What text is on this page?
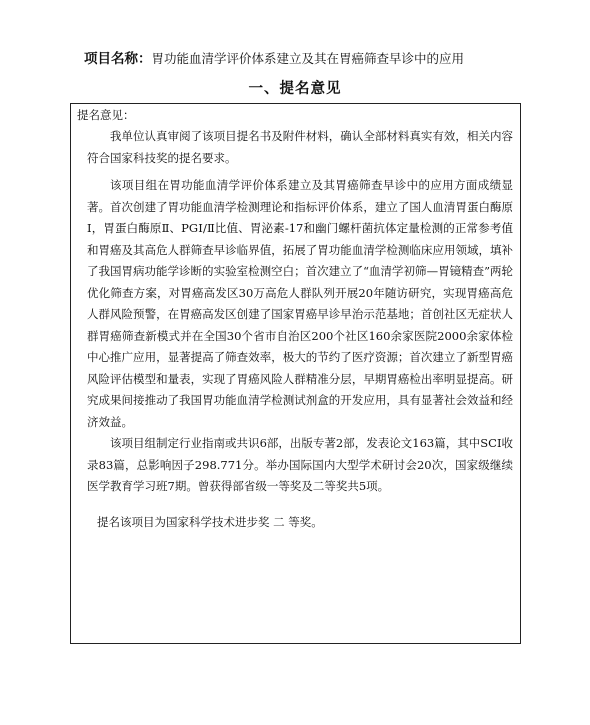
项目名称：胃功能血清学评价体系建立及其在胃癌筛查早诊中的应用
一、提名意见
提名意见：

我单位认真审阅了该项目提名书及附件材料，确认全部材料真实有效，相关内容符合国家科技奖的提名要求。

该项目组在胃功能血清学评价体系建立及其胃癌筛查早诊中的应用方面成绩显著。首次创建了胃功能血清学检测理论和指标评价体系，建立了国人血清胃蛋白酶原Ⅰ，胃蛋白酶原Ⅱ、PGⅠ/Ⅱ比值、胃泌素-17和幽门螺杆菌抗体定量检测的正常参考值和胃癌及其高危人群筛查早诊临界值，拓展了胃功能血清学检测临床应用领域，填补了我国胃病功能学诊断的实验室检测空白；首次建立了“血清学初筛—胃镜精查”两轮优化筛查方案，对胃癌高发区30万高危人群队列开展20年随访研究，实现胃癌高危人群风险预警，在胃癌高发区创建了国家胃癌早诊早治示范基地；首创社区无症状人群胃癌筛查新模式并在全国30个省市自治区200个社区160余家医院2000余家体检中心推广应用，显著提高了筛查效率，极大的节约了医疗资源；首次建立了新型胃癌风险评估模型和量表，实现了胃癌风险人群精准分层，早期胃癌检出率明显提高。研究成果间接推动了我国胃功能血清学检测试剂盒的开发应用，具有显著社会效益和经济效益。

该项目组制定行业指南或共识6部，出版专著2部，发表论文163篇，其中SCI收录83篇，总影响因子298.771分。举办国际国内大型学术研讨会20次，国家级继续医学教育学习班7期。曾获得部省级一等奖及二等奖共5项。

提名该项目为国家科学技术进步奖 二 等奖。
